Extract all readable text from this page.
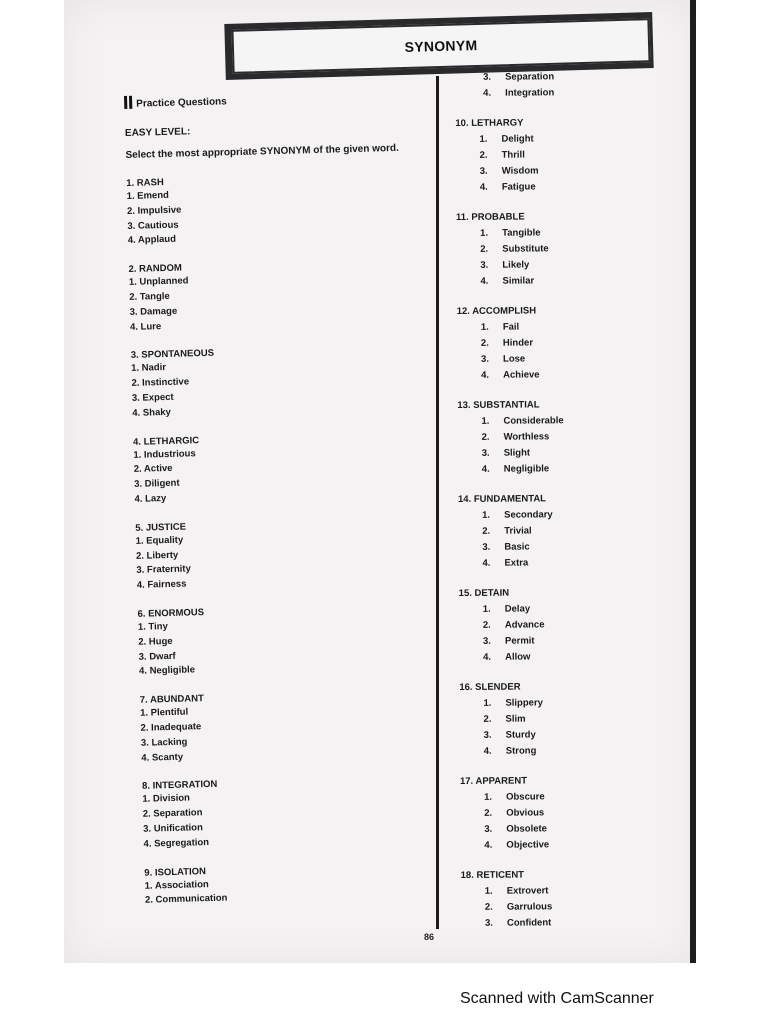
SYNONYM
Practice Questions
EASY LEVEL:
Select the most appropriate SYNONYM of the given word.
1. RASH
1. Emend
2. Impulsive
3. Cautious
4. Applaud
2. RANDOM
1. Unplanned
2. Tangle
3. Damage
4. Lure
3. SPONTANEOUS
1. Nadir
2. Instinctive
3. Expect
4. Shaky
4. LETHARGIC
1. Industrious
2. Active
3. Diligent
4. Lazy
5. JUSTICE
1. Equality
2. Liberty
3. Fraternity
4. Fairness
6. ENORMOUS
1. Tiny
2. Huge
3. Dwarf
4. Negligible
7. ABUNDANT
1. Plentiful
2. Inadequate
3. Lacking
4. Scanty
8. INTEGRATION
1. Division
2. Separation
3. Unification
4. Segregation
9. ISOLATION
1. Association
2. Communication
3. Separation
4. Integration
10. LETHARGY
1. Delight
2. Thrill
3. Wisdom
4. Fatigue
11. PROBABLE
1. Tangible
2. Substitute
3. Likely
4. Similar
12. ACCOMPLISH
1. Fail
2. Hinder
3. Lose
4. Achieve
13. SUBSTANTIAL
1. Considerable
2. Worthless
3. Slight
4. Negligible
14. FUNDAMENTAL
1. Secondary
2. Trivial
3. Basic
4. Extra
15. DETAIN
1. Delay
2. Advance
3. Permit
4. Allow
16. SLENDER
1. Slippery
2. Slim
3. Sturdy
4. Strong
17. APPARENT
1. Obscure
2. Obvious
3. Obsolete
4. Objective
18. RETICENT
1. Extrovert
2. Garrulous
3. Confident
86
Scanned with CamScanner
